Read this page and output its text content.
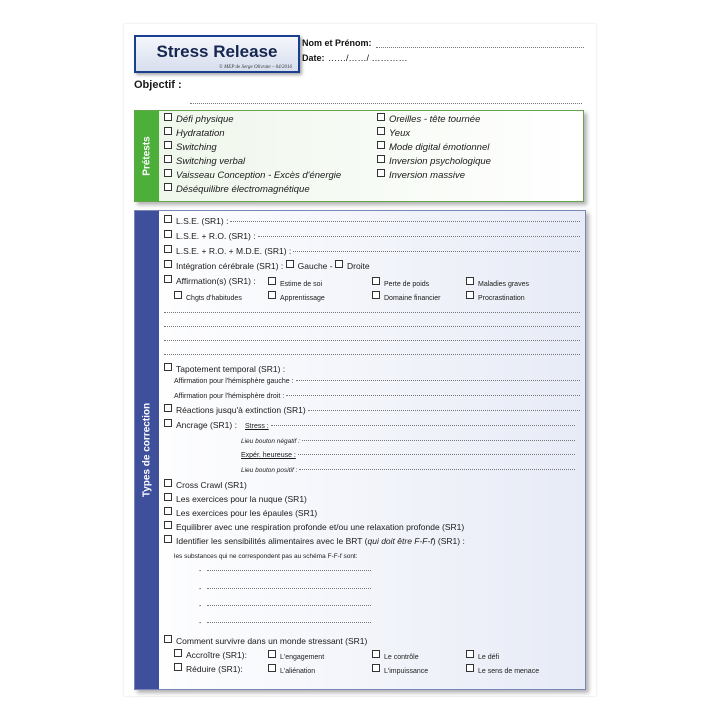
Stress Release
© MEP de Serge Olivrate – 04/2016
Nom et Prénom:
Date: ……/……/ …………
Objectif :
Prétests
Défi physique
Hydratation
Switching
Switching verbal
Vaisseau Conception - Excès d'énergie
Déséquilibre électromagnétique
Oreilles - tête tournée
Yeux
Mode digital émotionnel
Inversion psychologique
Inversion massive
Types de correction
L.S.E. (SR1) :
L.S.E. + R.O. (SR1) :
L.S.E. + R.O. + M.D.E. (SR1) :
Intégration cérébrale (SR1) :
Gauche -
Droite
Affirmation(s) (SR1) :	Estime de soi	Perte de poids	Maladies graves
Chgts d'habitudes	Apprentissage	Domaine financier	Procrastination
Tapotement temporal (SR1) :
Affirmation pour l'hémisphère gauche :
Affirmation pour l'hémisphère droit :
Réactions jusqu'à extinction (SR1)
Ancrage (SR1) : Stress :
Lieu bouton négatif :
Expér. heureuse :
Lieu bouton positif :
Cross Crawl (SR1)
Les exercices pour la nuque (SR1)
Les exercices pour les épaules (SR1)
Equilibrer avec une respiration profonde et/ou une relaxation profonde (SR1)
Identifier les sensibilités alimentaires avec le BRT ( qui doit être F-F-f ) (SR1) :
les substances qui ne correspondent pas au schéma F-F-f sont:
-
-
-
-
Comment survivre dans un monde stressant (SR1)
Accroître (SR1):	L'engagement	Le contrôle	Le défi
Réduire (SR1):	L'aliénation	L'impuissance	Le sens de menace
